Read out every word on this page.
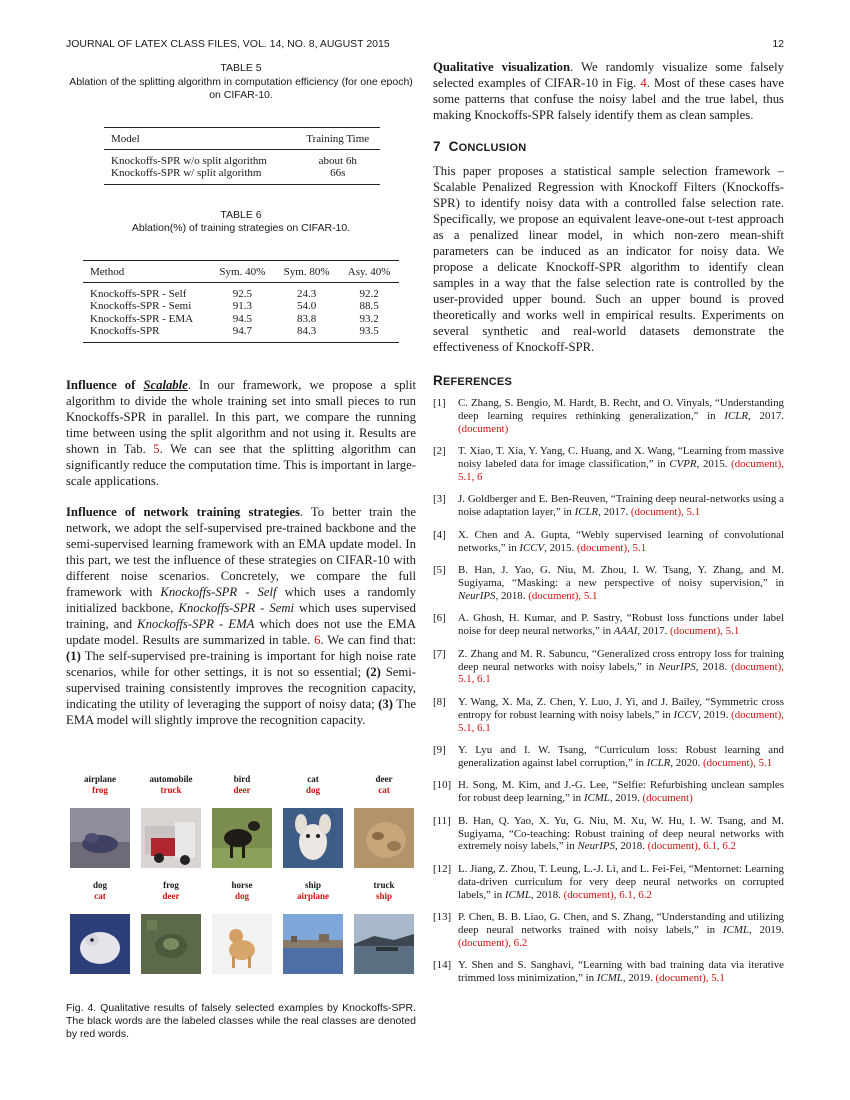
JOURNAL OF LATEX CLASS FILES, VOL. 14, NO. 8, AUGUST 2015	12
TABLE 5
Ablation of the splitting algorithm in computation efficiency (for one epoch) on CIFAR-10.
Model	Training Time
Knockoffs-SPR w/o split algorithm	about 6h
Knockoffs-SPR w/ split algorithm	66s
TABLE 6
Ablation(%) of training strategies on CIFAR-10.
Method	Sym. 40%	Sym. 80%	Asy. 40%
Knockoffs-SPR - Self	92.5	24.3	92.2
Knockoffs-SPR - Semi	91.3	54.0	88.5
Knockoffs-SPR - EMA	94.5	83.8	93.2
Knockoffs-SPR	94.7	84.3	93.5

Influence of Scalable. In our framework, we propose a split algorithm to divide the whole training set into small pieces to run Knockoffs-SPR in parallel. In this part, we compare the running time between using the split algorithm and not using it. Results are shown in Tab. 5. We can see that the splitting algorithm can significantly reduce the computation time. This is important in large-scale applications.

Influence of network training strategies. To better train the network, we adopt the self-supervised pre-trained backbone and the semi-supervised learning framework with an EMA update model. In this part, we test the influence of these strategies on CIFAR-10 with different noise scenarios. Concretely, we compare the full framework with Knockoffs-SPR - Self which uses a randomly initialized backbone, Knockoffs-SPR - Semi which uses supervised training, and Knockoffs-SPR - EMA which does not use the EMA update model. Results are summarized in table. 6. We can find that: (1) The self-supervised pre-training is important for high noise rate scenarios, while for other settings, it is not so essential; (2) Semi-supervised training consistently improves the recognition capacity, indicating the utility of leveraging the support of noisy data; (3) The EMA model will slightly improve the recognition capacity.

airplane
frog
automobile
truck
bird
deer
cat
dog
deer
cat
dog
cat
frog
deer
horse
dog
ship
airplane
truck
ship
Fig. 4. Qualitative results of falsely selected examples by Knockoffs-SPR. The black words are the labeled classes while the real classes are denoted by red words.

Qualitative visualization. We randomly visualize some falsely selected examples of CIFAR-10 in Fig. 4. Most of these cases have some patterns that confuse the noisy label and the true label, thus making Knockoffs-SPR falsely identify them as clean samples.

7 CONCLUSION

This paper proposes a statistical sample selection framework – Scalable Penalized Regression with Knockoff Filters (Knockoffs-SPR) to identify noisy data with a controlled false selection rate. Specifically, we propose an equivalent leave-one-out t-test approach as a penalized linear model, in which non-zero mean-shift parameters can be induced as an indicator for noisy data. We propose a delicate Knockoff-SPR algorithm to identify clean samples in a way that the false selection rate is controlled by the user-provided upper bound. Such an upper bound is proved theoretically and works well in empirical results. Experiments on several synthetic and real-world datasets demonstrate the effectiveness of Knockoff-SPR.

REFERENCES
[1]	C. Zhang, S. Bengio, M. Hardt, B. Recht, and O. Vinyals, “Understanding deep learning requires rethinking generalization,” in ICLR, 2017. (document)
[2]	T. Xiao, T. Xia, Y. Yang, C. Huang, and X. Wang, “Learning from massive noisy labeled data for image classification,” in CVPR, 2015. (document), 5.1, 6
[3]	J. Goldberger and E. Ben-Reuven, “Training deep neural-networks using a noise adaptation layer,” in ICLR, 2017. (document), 5.1
[4]	X. Chen and A. Gupta, “Webly supervised learning of convolutional networks,” in ICCV, 2015. (document), 5.1
[5]	B. Han, J. Yao, G. Niu, M. Zhou, I. W. Tsang, Y. Zhang, and M. Sugiyama, “Masking: a new perspective of noisy supervision,” in NeurIPS, 2018. (document), 5.1
[6]	A. Ghosh, H. Kumar, and P. Sastry, “Robust loss functions under label noise for deep neural networks,” in AAAI, 2017. (document), 5.1
[7]	Z. Zhang and M. R. Sabuncu, “Generalized cross entropy loss for training deep neural networks with noisy labels,” in NeurIPS, 2018. (document), 5.1, 6.1
[8]	Y. Wang, X. Ma, Z. Chen, Y. Luo, J. Yi, and J. Bailey, “Symmetric cross entropy for robust learning with noisy labels,” in ICCV, 2019. (document), 5.1, 6.1
[9]	Y. Lyu and I. W. Tsang, “Curriculum loss: Robust learning and generalization against label corruption,” in ICLR, 2020. (document), 5.1
[10] H. Song, M. Kim, and J.-G. Lee, “Selfie: Refurbishing unclean samples for robust deep learning,” in ICML, 2019. (document)
[11] B. Han, Q. Yao, X. Yu, G. Niu, M. Xu, W. Hu, I. W. Tsang, and M. Sugiyama, “Co-teaching: Robust training of deep neural networks with extremely noisy labels,” in NeurIPS, 2018. (document), 6.1, 6.2
[12] L. Jiang, Z. Zhou, T. Leung, L.-J. Li, and L. Fei-Fei, “Mentornet: Learning data-driven curriculum for very deep neural networks on corrupted labels,” in ICML, 2018. (document), 6.1, 6.2
[13] P. Chen, B. B. Liao, G. Chen, and S. Zhang, “Understanding and utilizing deep neural networks trained with noisy labels,” in ICML, 2019. (document), 6.2
[14] Y. Shen and S. Sanghavi, “Learning with bad training data via iterative trimmed loss minimization,” in ICML, 2019. (document), 5.1
